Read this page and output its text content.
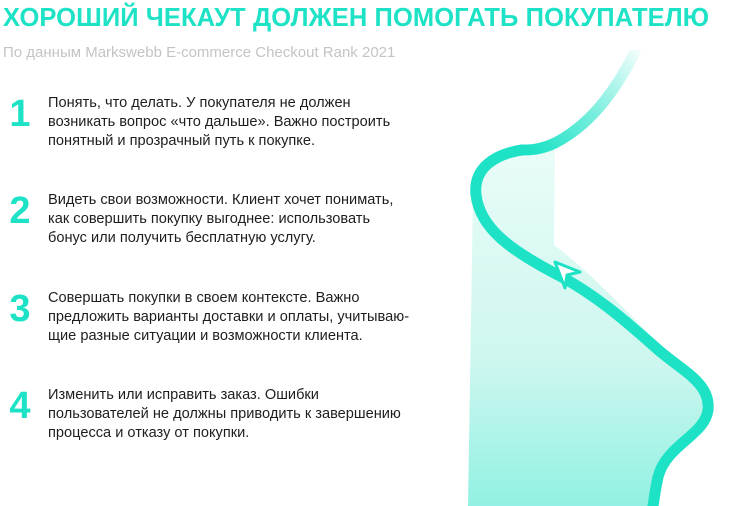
ХОРОШИЙ ЧЕКАУТ ДОЛЖЕН ПОМОГАТЬ ПОКУПАТЕЛЮ

По данным Markswebb E-commerce Checkout Rank 2021

1	Понять, что делать. У покупателя не должен
возникать вопрос «что дальше». Важно построить
понятный и прозрачный путь к покупке.

2	Видеть свои возможности. Клиент хочет понимать,
как совершить покупку выгоднее: использовать
бонус или получить бесплатную услугу.

3	Совершать покупки в своем контексте. Важно
предложить варианты доставки и оплаты, учитываю-
щие разные ситуации и возможности клиента.

4	Изменить или исправить заказ. Ошибки
пользователей не должны приводить к завершению
процесса и отказу от покупки.
